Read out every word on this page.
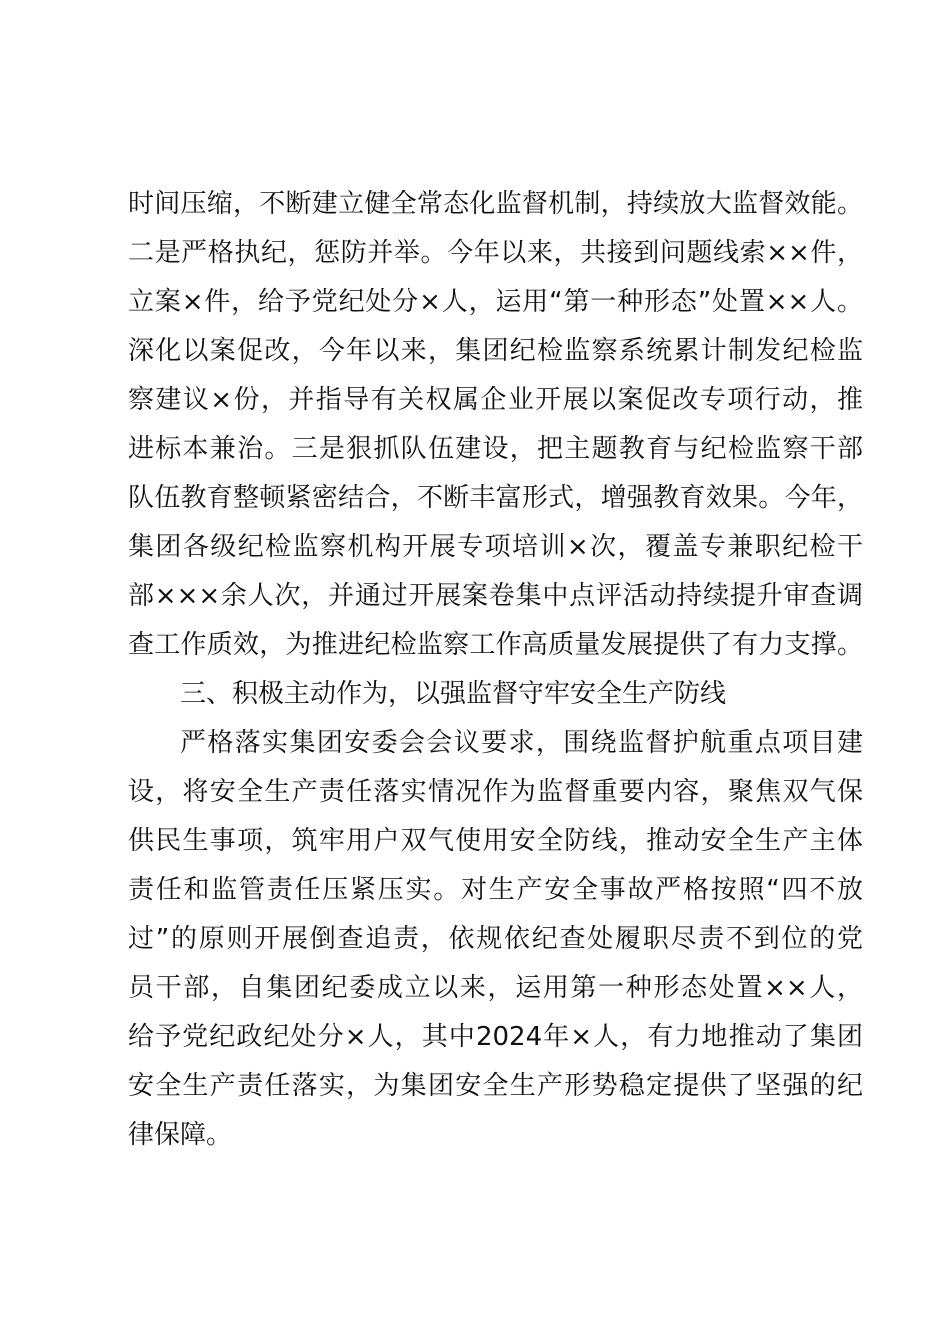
时间压缩，不断建立健全常态化监督机制，持续放大监督效能。
二是严格执纪，惩防并举。今年以来，共接到问题线索××件，
立案×件，给予党纪处分×人，运用“第一种形态”处置××人。
深化以案促改，今年以来，集团纪检监察系统累计制发纪检监
察建议×份，并指导有关权属企业开展以案促改专项行动，推
进标本兼治。三是狠抓队伍建设，把主题教育与纪检监察干部
队伍教育整顿紧密结合，不断丰富形式，增强教育效果。今年，
集团各级纪检监察机构开展专项培训×次，覆盖专兼职纪检干
部×××余人次，并通过开展案卷集中点评活动持续提升审查调
查工作质效，为推进纪检监察工作高质量发展提供了有力支撑。
三、积极主动作为，以强监督守牢安全生产防线
严格落实集团安委会会议要求，围绕监督护航重点项目建
设，将安全生产责任落实情况作为监督重要内容，聚焦双气保
供民生事项，筑牢用户双气使用安全防线，推动安全生产主体
责任和监管责任压紧压实。对生产安全事故严格按照“四不放
过”的原则开展倒查追责，依规依纪查处履职尽责不到位的党
员干部，自集团纪委成立以来，运用第一种形态处置××人，
给予党纪政纪处分×人，其中2024年×人，有力地推动了集团
安全生产责任落实，为集团安全生产形势稳定提供了坚强的纪
律保障。
